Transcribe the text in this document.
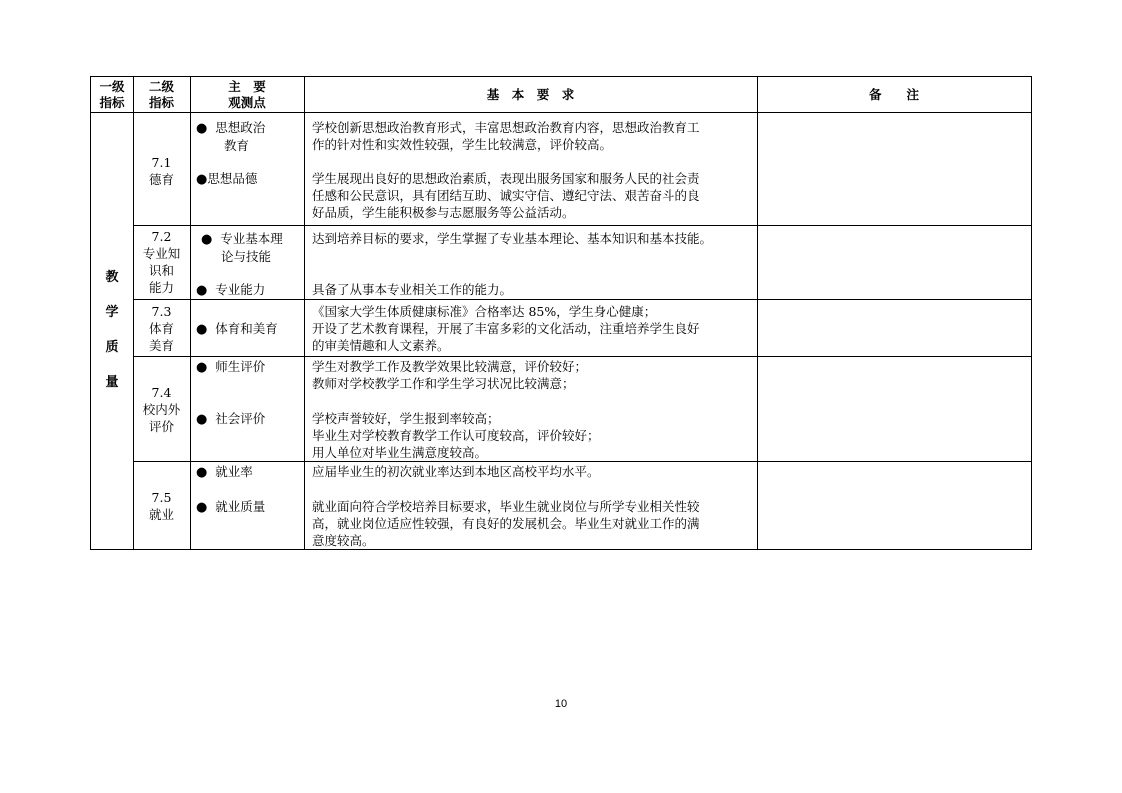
一级
指标
二级
指标
主　要
观测点
基　本　要　求	备　　注
教
学
质
量
7.1
德育
● 思想政治
教育
●思想品德

学校创新思想政治教育形式，丰富思想政治教育内容，思想政治教育工

作的针对性和实效性较强，学生比较满意，评价较高。

学生展现出良好的思想政治素质，表现出服务国家和服务人民的社会责

任感和公民意识，具有团结互助、诚实守信、遵纪守法、艰苦奋斗的良

好品质，学生能积极参与志愿服务等公益活动。

7.2
专业知
识和
能力
● 专业基本理
论与技能
● 专业能力

达到培养目标的要求，学生掌握了专业基本理论、基本知识和基本技能。

具备了从事本专业相关工作的能力。

7.3
体育
美育
● 体育和美育

《国家大学生体质健康标准》合格率达 85%，学生身心健康；

开设了艺术教育课程，开展了丰富多彩的文化活动，注重培养学生良好

的审美情趣和人文素养。

7.4
校内外
评价
● 师生评价
● 社会评价

学生对教学工作及教学效果比较满意，评价较好；

教师对学校教学工作和学生学习状况比较满意；

学校声誉较好，学生报到率较高；

毕业生对学校教育教学工作认可度较高，评价较好；

用人单位对毕业生满意度较高。

7.5
就业
● 就业率
● 就业质量

应届毕业生的初次就业率达到本地区高校平均水平。

就业面向符合学校培养目标要求，毕业生就业岗位与所学专业相关性较

高，就业岗位适应性较强，有良好的发展机会。毕业生对就业工作的满

意度较高。

10
